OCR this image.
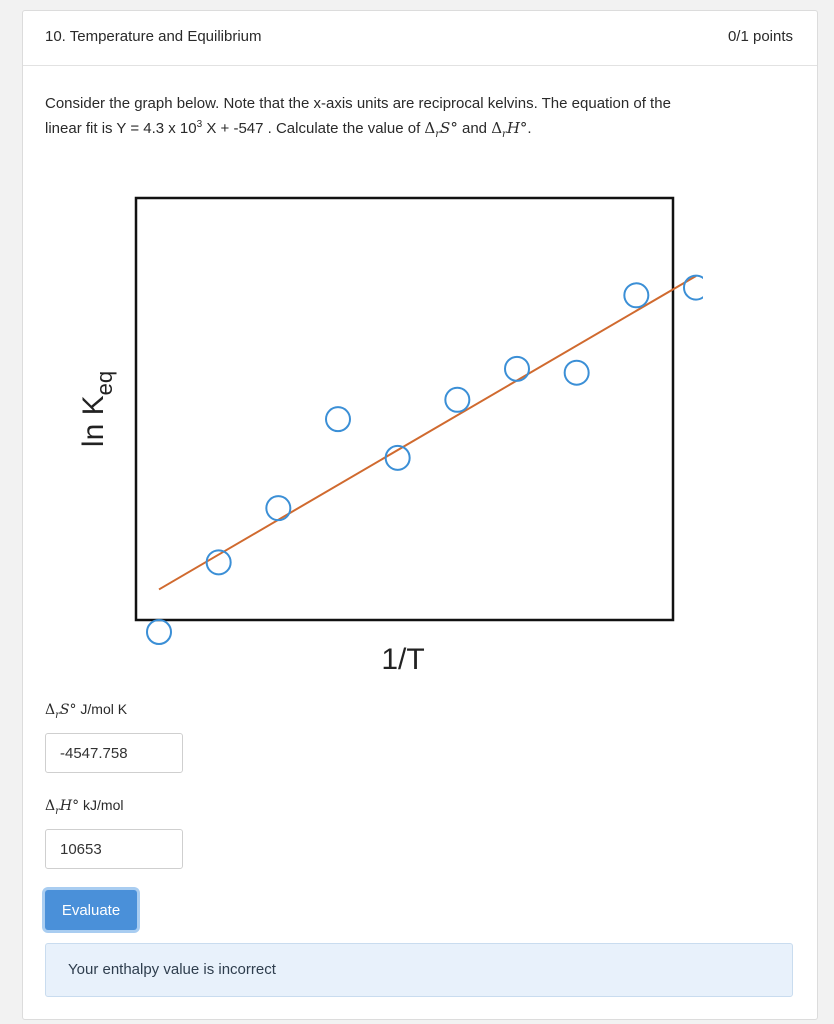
10. Temperature and Equilibrium	0/1 points
Consider the graph below. Note that the x-axis units are reciprocal kelvins. The equation of the
linear fit is Y = 4.3 x $10^3$ X + -547 . Calculate the value of $\Delta_rS^\circ$ and $\Delta_rH^\circ$.
1/T
$\ln K_{eq}$
$\Delta_rS^\circ$ J/mol K
-4547.758
$\Delta_rH^\circ$ kJ/mol
10653
Evaluate
Your enthalpy value is incorrect
